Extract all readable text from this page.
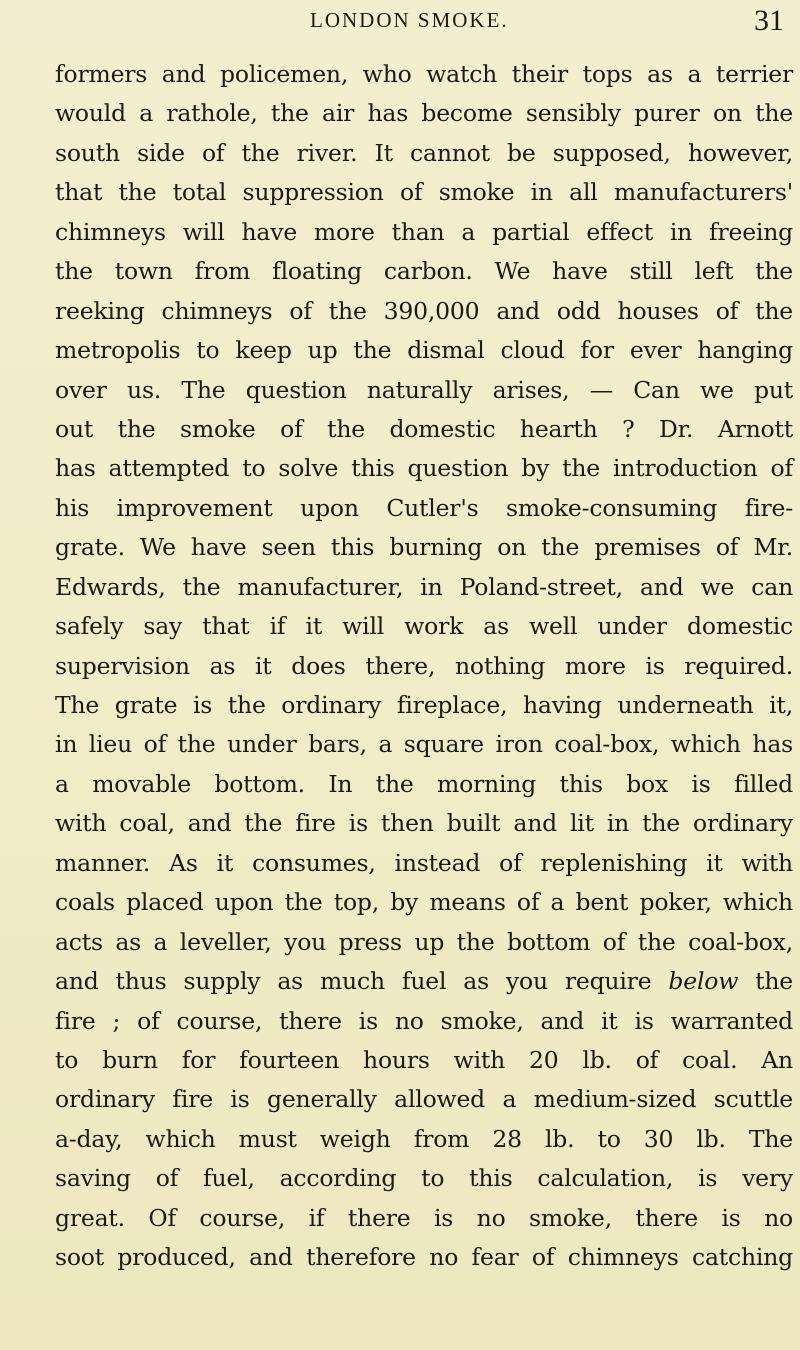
LONDON SMOKE.	31
formers and policemen, who watch their tops as a terrier
would a rathole, the air has become sensibly purer on the
south side of the river. It cannot be supposed, however,
that the total suppression of smoke in all manufacturers'
chimneys will have more than a partial effect in freeing
the town from floating carbon. We have still left the
reeking chimneys of the 390,000 and odd houses of the
metropolis to keep up the dismal cloud for ever hanging
over us. The question naturally arises, — Can we put
out the smoke of the domestic hearth ? Dr. Arnott
has attempted to solve this question by the introduction of
his improvement upon Cutler's smoke-consuming fire-
grate. We have seen this burning on the premises of Mr.
Edwards, the manufacturer, in Poland-street, and we can
safely say that if it will work as well under domestic
supervision as it does there, nothing more is required.
The grate is the ordinary fireplace, having underneath it,
in lieu of the under bars, a square iron coal-box, which has
a movable bottom. In the morning this box is filled
with coal, and the fire is then built and lit in the ordinary
manner. As it consumes, instead of replenishing it with
coals placed upon the top, by means of a bent poker, which
acts as a leveller, you press up the bottom of the coal-box,
and thus supply as much fuel as you require below the
fire ; of course, there is no smoke, and it is warranted
to burn for fourteen hours with 20 lb. of coal. An
ordinary fire is generally allowed a medium-sized scuttle
a-day, which must weigh from 28 lb. to 30 lb. The
saving of fuel, according to this calculation, is very
great. Of course, if there is no smoke, there is no
soot produced, and therefore no fear of chimneys catching
